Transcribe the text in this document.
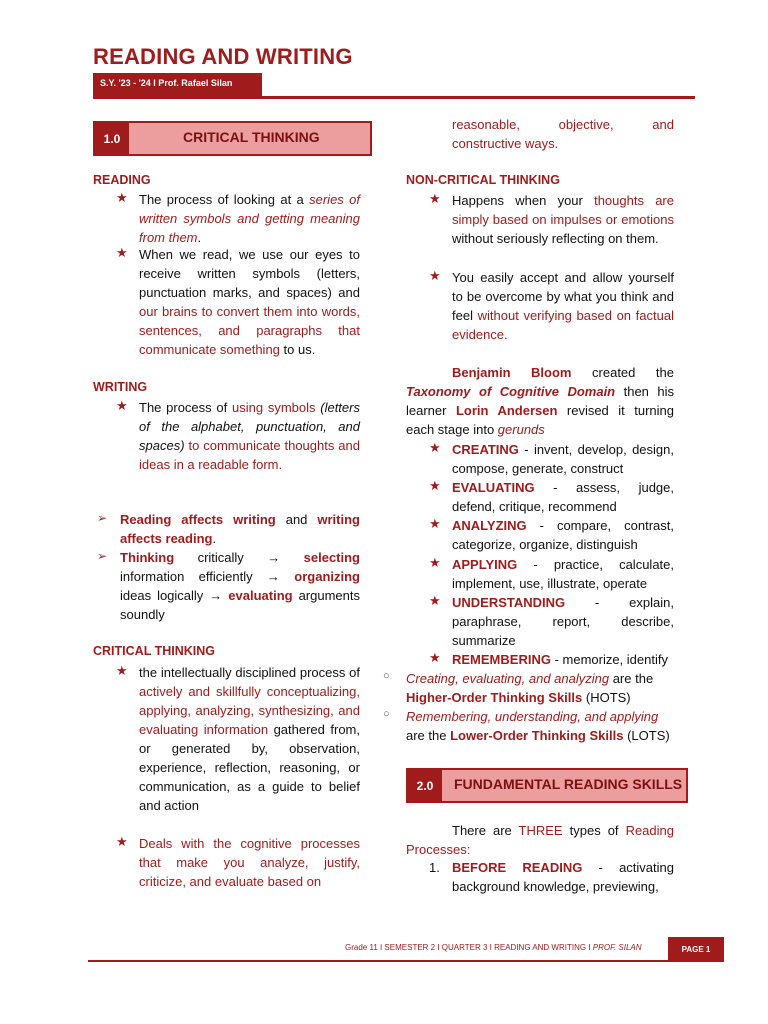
READING AND WRITING
S.Y. '23 - '24 I Prof. Rafael Silan
1.0	CRITICAL THINKING
READING
★ The process of looking at a series of written symbols and getting meaning from them.
★ When we read, we use our eyes to receive written symbols (letters, punctuation marks, and spaces) and our brains to convert them into words, sentences, and paragraphs that communicate something to us.
WRITING
★ The process of using symbols (letters of the alphabet, punctuation, and spaces) to communicate thoughts and ideas in a readable form.
➢ Reading affects writing and writing affects reading.
➢ Thinking critically → selecting information efficiently → organizing ideas logically → evaluating arguments soundly
CRITICAL THINKING
★ the intellectually disciplined process of actively and skillfully conceptualizing, applying, analyzing, synthesizing, and evaluating information gathered from, or generated by, observation, experience, reflection, reasoning, or communication, as a guide to belief and action
★ Deals with the cognitive processes that make you analyze, justify, criticize, and evaluate based on
reasonable, objective, and constructive ways.
NON-CRITICAL THINKING
★ Happens when your thoughts are simply based on impulses or emotions without seriously reflecting on them.
★ You easily accept and allow yourself to be overcome by what you think and feel without verifying based on factual evidence.
Benjamin Bloom created the Taxonomy of Cognitive Domain then his learner Lorin Andersen revised it turning each stage into gerunds
★ CREATING - invent, develop, design, compose, generate, construct
★ EVALUATING - assess, judge, defend, critique, recommend
★ ANALYZING - compare, contrast, categorize, organize, distinguish
★ APPLYING - practice, calculate, implement, use, illustrate, operate
★ UNDERSTANDING - explain, paraphrase, report, describe, summarize
★ REMEMBERING - memorize, identify
○ Creating, evaluating, and analyzing are the Higher-Order Thinking Skills (HOTS)
○ Remembering, understanding, and applying are the Lower-Order Thinking Skills (LOTS)
2.0	FUNDAMENTAL READING SKILLS
There are THREE types of Reading Processes:
1. BEFORE READING - activating background knowledge, previewing,
Grade 11 I SEMESTER 2 I QUARTER 3 I READING AND WRITING I PROF. SILAN	PAGE 1
